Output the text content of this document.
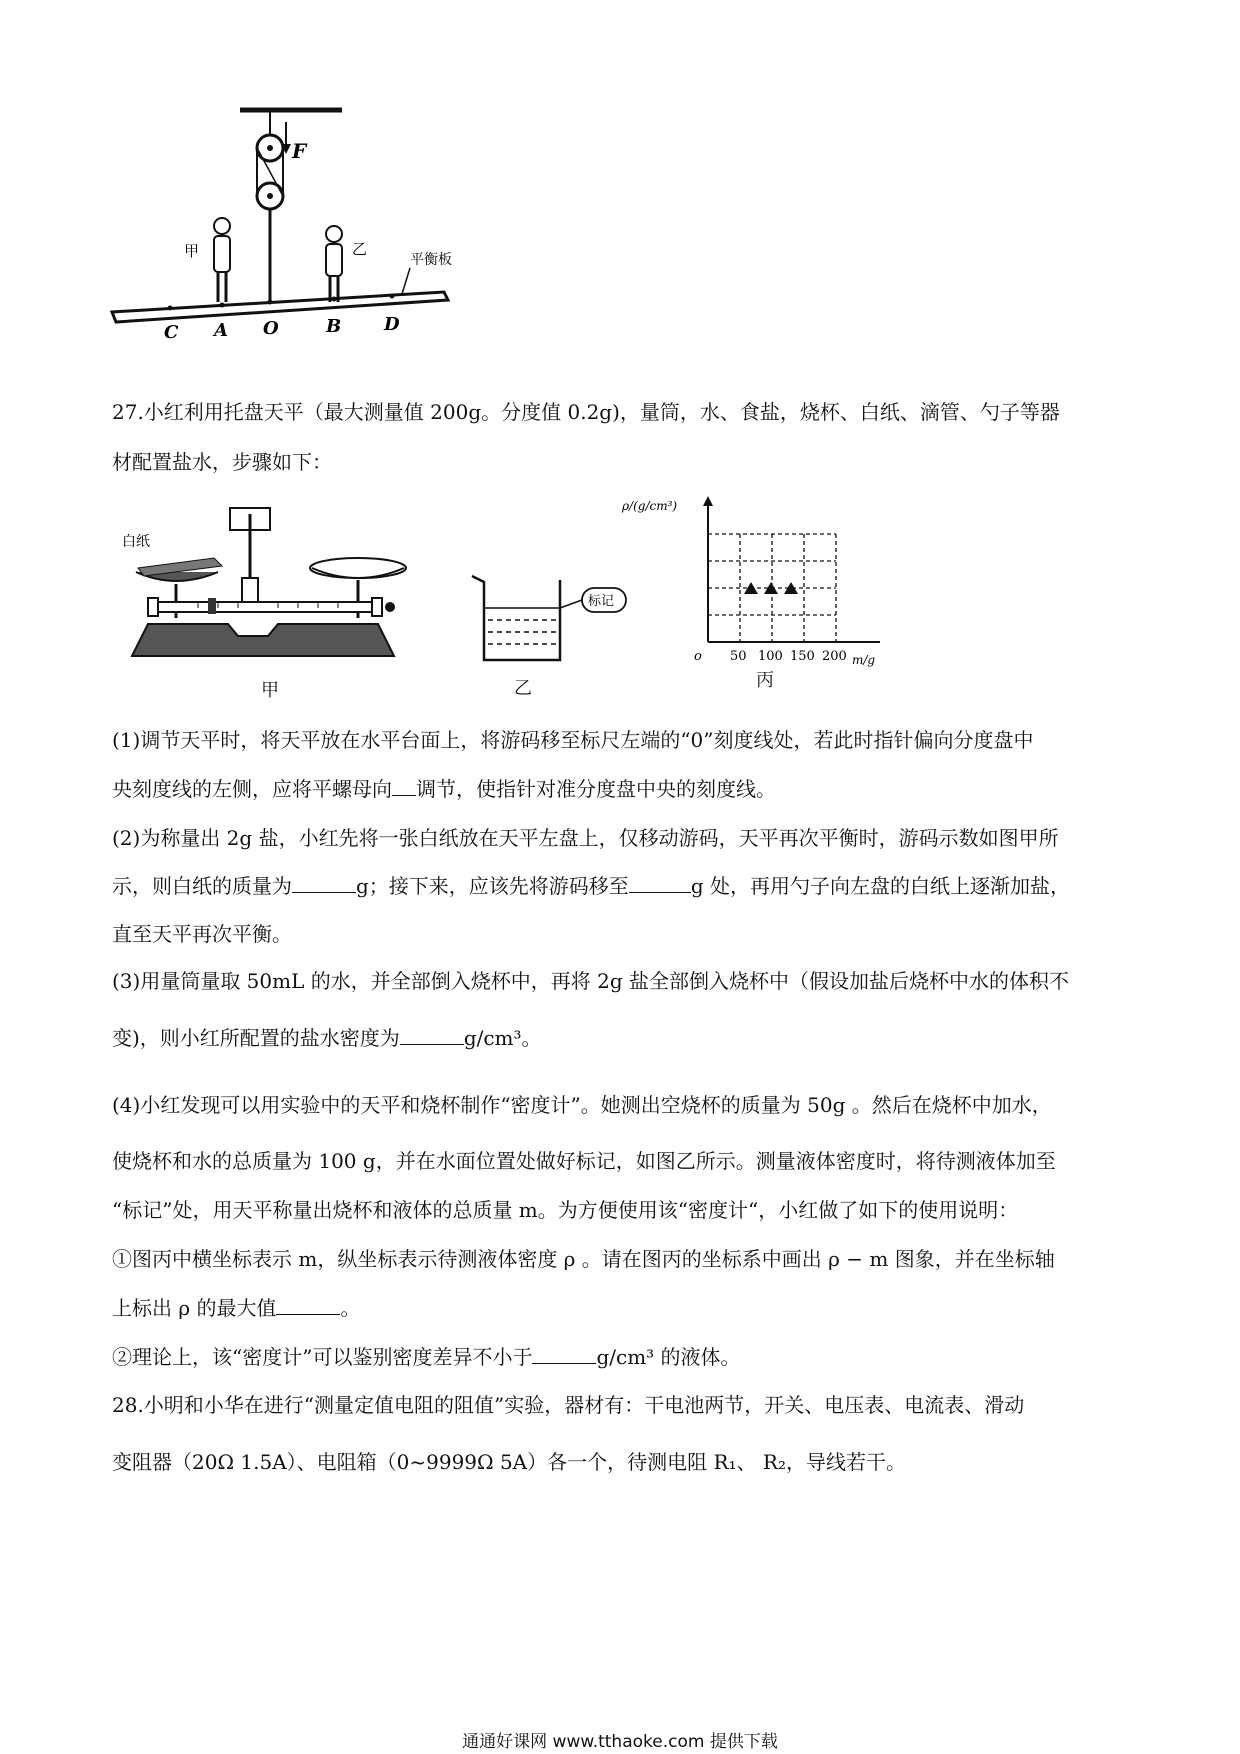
F
甲	乙
平衡板
C A O	B D
27.小红利用托盘天平（最大测量值 200g。分度值 0.2g)，量筒，水、食盐，烧杯、白纸、滴管、勺子等器
材配置盐水，步骤如下：
白纸
甲
标记
乙
ρ/(g/cm³)
o 50 100 150 200 m/g
丙
(1)调节天平时，将天平放在水平台面上，将游码移至标尺左端的“0”刻度线处，若此时指针偏向分度盘中
央刻度线的左侧，应将平螺母向 调节，使指针对准分度盘中央的刻度线。
(2)为称量出 2g 盐，小红先将一张白纸放在天平左盘上，仅移动游码，天平再次平衡时，游码示数如图甲所
示，则白纸的质量为	g；接下来，应该先将游码移至	g 处，再用勺子向左盘的白纸上逐渐加盐，
直至天平再次平衡。
(3)用量筒量取 50mL 的水，并全部倒入烧杯中，再将 2g 盐全部倒入烧杯中（假设加盐后烧杯中水的体积不
变)，则小红所配置的盐水密度为	g/cm³。
(4)小红发现可以用实验中的天平和烧杯制作“密度计”。她测出空烧杯的质量为 50g 。然后在烧杯中加水，
使烧杯和水的总质量为 100 g，并在水面位置处做好标记，如图乙所示。测量液体密度时，将待测液体加至
“标记”处，用天平称量出烧杯和液体的总质量 m。为方便使用该“密度计“，小红做了如下的使用说明：
①图丙中横坐标表示 m，纵坐标表示待测液体密度 ρ 。请在图丙的坐标系中画出 ρ − m 图象，并在坐标轴
上标出 ρ 的最大值	。
②理论上，该“密度计”可以鉴别密度差异不小于	g/cm³ 的液体。
28.小明和小华在进行“测量定值电阻的阻值”实验，器材有：干电池两节，开关、电压表、电流表、滑动
变阻器（20Ω 1.5A）、电阻箱（0~9999Ω 5A）各一个，待测电阻 R₁、 R₂，导线若干。
通通好课网 www.tthaoke.com 提供下载
